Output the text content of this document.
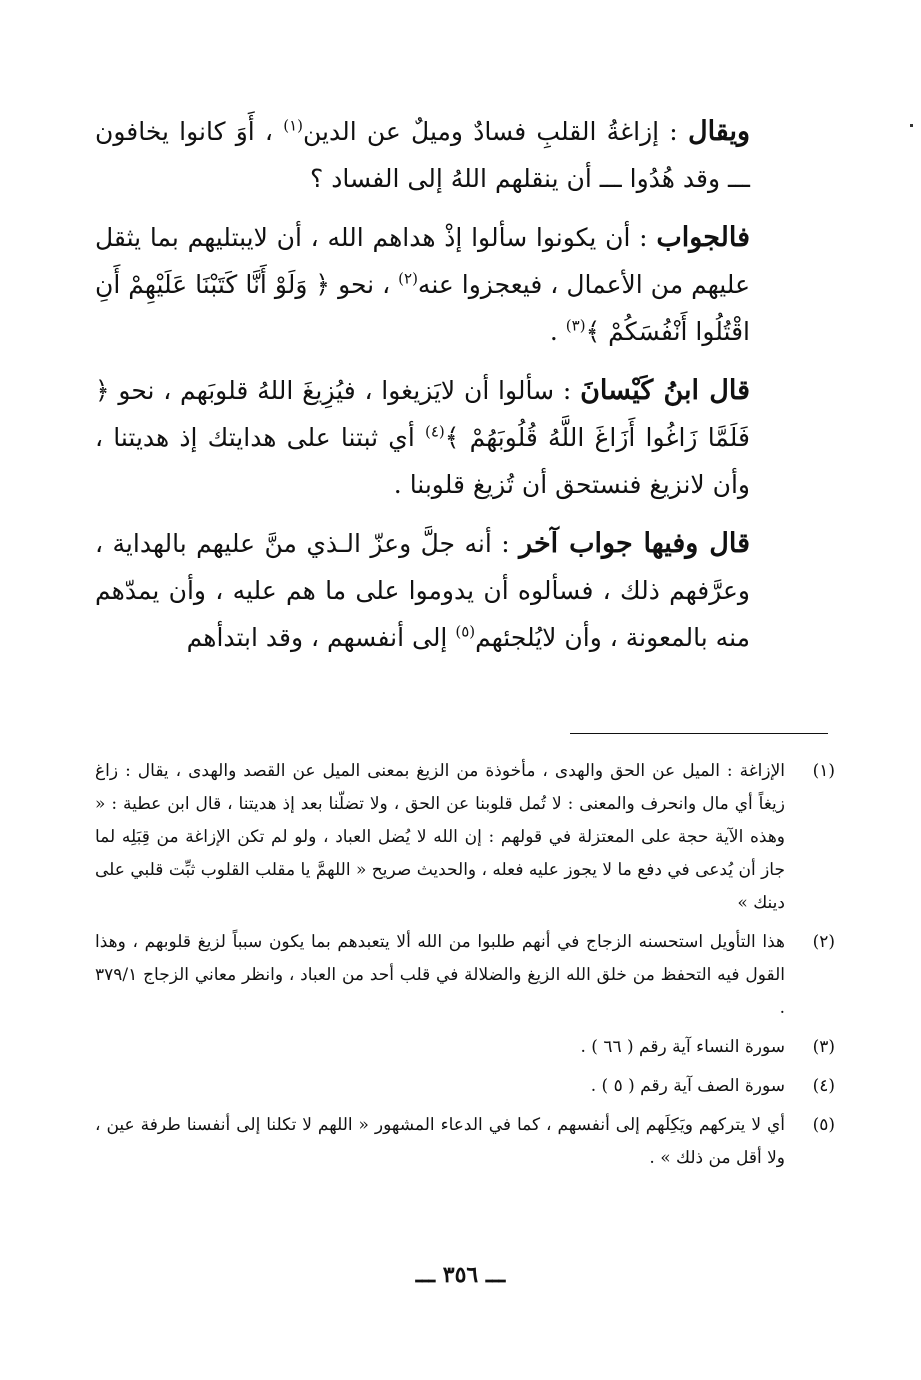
ويقال : إزاغةُ القلبِ فسادٌ وميلٌ عن الدين$^{(١)}$ ، أَوَ كانوا يخافون ـــ وقد هُدُوا ـــ أن ينقلهم اللهُ إلى الفساد ؟

فالجواب : أن يكونوا سألوا إذْ هداهم الله ، أن لايبتليهم بما يثقل عليهم من الأعمال ، فيعجزوا عنه$^{(٢)}$ ، نحو ﴿ وَلَوْ أَنَّا كَتَبْنَا عَلَيْهِمْ أَنِ اقْتُلُوا أَنْفُسَكُمْ ﴾$^{(٣)}$ .

قال ابنُ كَيْسانَ : سألوا أن لايَزيغوا ، فيُزِيغَ اللهُ قلوبَهم ، نحو ﴿ فَلَمَّا زَاغُوا أَزَاغَ اللَّهُ قُلُوبَهُمْ ﴾$^{(٤)}$ أي ثبتنا على هدايتك إذ هديتنا ، وأن لانزيغ فنستحق أن تُزيغ قلوبنا .

قال وفيها جواب آخر : أنه جلَّ وعزّ الـذي منَّ عليهم بالهداية ، وعرَّفهم ذلك ، فسألوه أن يدوموا على ما هم عليه ، وأن يمدّهم منه بالمعونة ، وأن لايُلجئهم$^{(٥)}$ إلى أنفسهم ، وقد ابتدأهم

(١)
الإزاغة : الميل عن الحق والهدى ، مأخوذة من الزيغ بمعنى الميل عن القصد والهدى ، يقال : زاغ زيغاً أي مال وانحرف والمعنى : لا تُمل قلوبنا عن الحق ، ولا تضلّنا بعد إذ هديتنا ، قال ابن عطية : « وهذه الآية حجة على المعتزلة في قولهم : إن الله لا يُضل العباد ، ولو لم تكن الإزاغة من قِبَلِه لما جاز أن يُدعى في دفع ما لا يجوز عليه فعله ، والحديث صريح « اللهمَّ يا مقلب القلوب ثبِّت قلبي على دينك »
(٢)
هذا التأويل استحسنه الزجاج في أنهم طلبوا من الله ألا يتعبدهم بما يكون سبباً لزيغ قلوبهم ، وهذا القول فيه التحفظ من خلق الله الزيغ والضلالة في قلب أحد من العباد ، وانظر معاني الزجاج ٣٧٩/١ .
(٣)
سورة النساء آية رقم ( ٦٦ ) .
(٤)
سورة الصف آية رقم ( ٥ ) .
(٥)
أي لا يتركهم ويَكِلَهم إلى أنفسهم ، كما في الدعاء المشهور « اللهم لا تكلنا إلى أنفسنا طرفة عين ، ولا أقل من ذلك » .
ـــ ٣٥٦ ـــ
